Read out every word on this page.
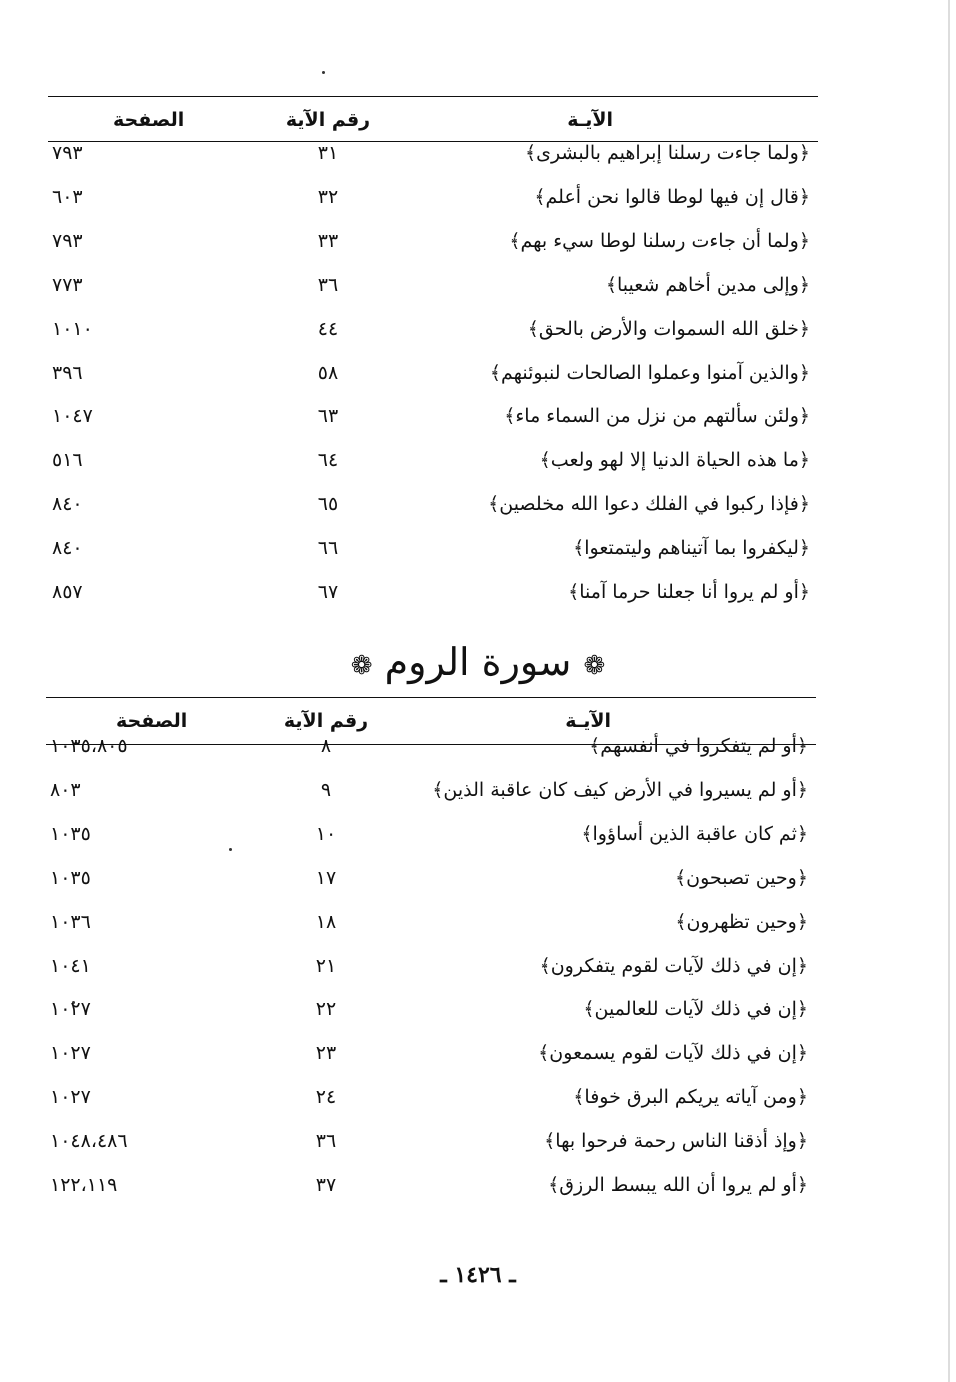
الآيـة
رقم الآية
الصفحة
﴿ولما جاءت رسلنا إبراهيم بالبشرى﴾
٣١
٧٩٣
﴿قال إن فيها لوطا قالوا نحن أعلم﴾
٣٢
٦٠٣
﴿ولما أن جاءت رسلنا لوطا سيء بهم﴾
٣٣
٧٩٣
﴿وإلى مدين أخاهم شعيبا﴾
٣٦
٧٧٣
﴿خلق الله السموات والأرض بالحق﴾
٤٤
١٠١٠
﴿والذين آمنوا وعملوا الصالحات لنبوئنهم﴾
٥٨
٣٩٦
﴿ولئن سألتهم من نزل من السماء ماء﴾
٦٣
١٠٤٧
﴿ما هذه الحياة الدنيا إلا لهو ولعب﴾
٦٤
٥١٦
﴿فإذا ركبوا في الفلك دعوا الله مخلصين﴾
٦٥
٨٤٠
﴿ليكفروا بما آتيناهم وليتمتعوا﴾
٦٦
٨٤٠
﴿أو لم يروا أنا جعلنا حرما آمنا﴾
٦٧
٨٥٧
❁ سورة الروم ❁
الآيـة
رقم الآية
الصفحة
﴿أو لم يتفكروا في أنفسهم﴾
٨
١٠٣٥،٨٠٥
﴿أو لم يسيروا في الأرض كيف كان عاقبة الذين﴾
٩
٨٠٣
﴿ثم كان عاقبة الذين أساؤوا﴾
١٠
١٠٣٥
﴿وحين تصبحون﴾
١٧
١٠٣٥
﴿وحين تظهرون﴾
١٨
١٠٣٦
﴿إن في ذلك لآيات لقوم يتفكرون﴾
٢١
١٠٤١
﴿إن في ذلك لآيات للعالمين﴾
٢٢
١٠٢٧
﴿إن في ذلك لآيات لقوم يسمعون﴾
٢٣
١٠٢٧
﴿ومن آياته يريكم البرق خوفا﴾
٢٤
١٠٢٧
﴿وإذ أذقنا الناس رحمة فرحوا بها﴾
٣٦
١٠٤٨،٤٨٦
﴿أو لم يروا أن الله يبسط الرزق﴾
٣٧
١٢٢،١١٩
ـ ١٤٢٦ ـ
